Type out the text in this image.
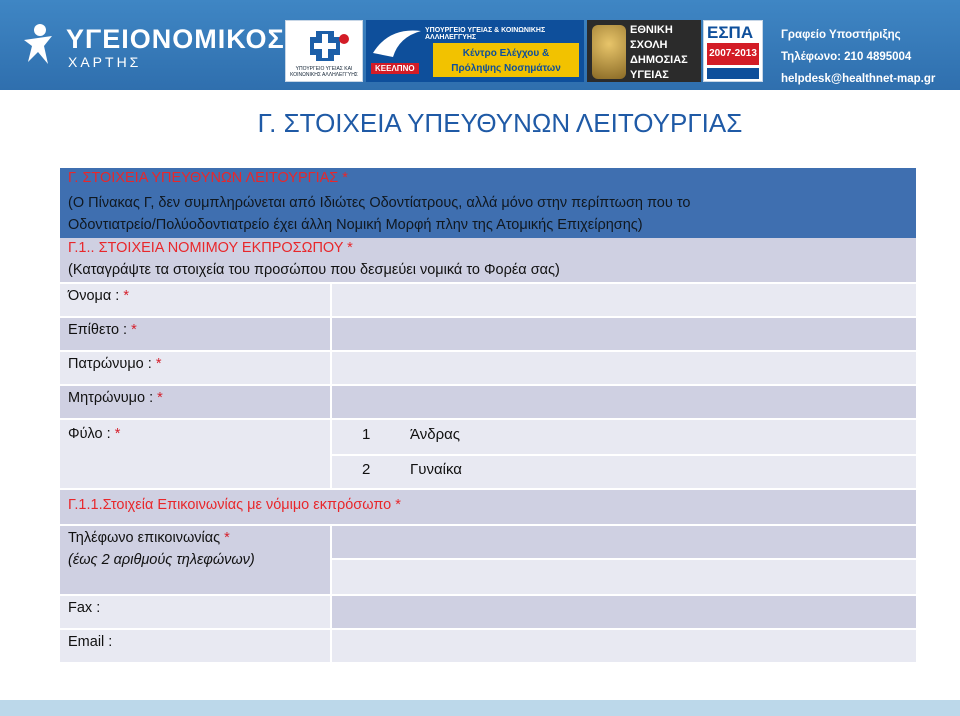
ΥΓΕΙΟΝΟΜΙΚΟΣ
ΧΑΡΤΗΣ	ΥΠΟΥΡΓΕΙΟ ΥΓΕΙΑΣ ΚΑΙ ΚΟΙΝΩΝΙΚΗΣ ΑΛΛΗΛΕΓΓΥΗΣ
ΥΠΟΥΡΓΕΙΟ ΥΓΕΙΑΣ & ΚΟΙΝΩΝΙΚΗΣ ΑΛΛΗΛΕΓΓΥΗΣ
ΚΕΕΛΠΝΟ
Κέντρο Ελέγχου &
Πρόληψης Νοσημάτων
ΕΘΝΙΚΗ
ΣΧΟΛΗ
ΔΗΜΟΣΙΑΣ
ΥΓΕΙΑΣ
ΕΣΠΑ
2007-2013
Γραφείο Υποστήριξης
Τηλέφωνο: 210 4895004
helpdesk@healthnet-map.gr
Γ. ΣΤΟΙΧΕΙΑ ΥΠΕΥΘΥΝΩΝ ΛΕΙΤΟΥΡΓΙΑΣ
Γ. ΣΤΟΙΧΕΙΑ ΥΠΕΥΘΥΝΩΝ ΛΕΙΤΟΥΡΓΙΑΣ *
(Ο Πίνακας Γ, δεν συμπληρώνεται από Ιδιώτες Οδοντίατρους, αλλά μόνο στην περίπτωση που το
Οδοντιατρείο/Πολύοδοντιατρείο έχει άλλη Νομική Μορφή πλην της Ατομικής Επιχείρησης)
Γ.1.. ΣΤΟΙΧΕΙΑ ΝΟΜΙΜΟΥ ΕΚΠΡΟΣΩΠΟΥ *
(Καταγράψτε τα στοιχεία του προσώπου που δεσμεύει νομικά το Φορέα σας)
Όνομα : *
Επίθετο : *
Πατρώνυμο : *
Μητρώνυμο : *
Φύλο : *	1	Άνδρας
2	Γυναίκα
Γ.1.1.Στοιχεία Επικοινωνίας με νόμιμο εκπρόσωπο *
Τηλέφωνο επικοινωνίας *
(έως 2 αριθμούς τηλεφώνων)
Fax :
Email :
